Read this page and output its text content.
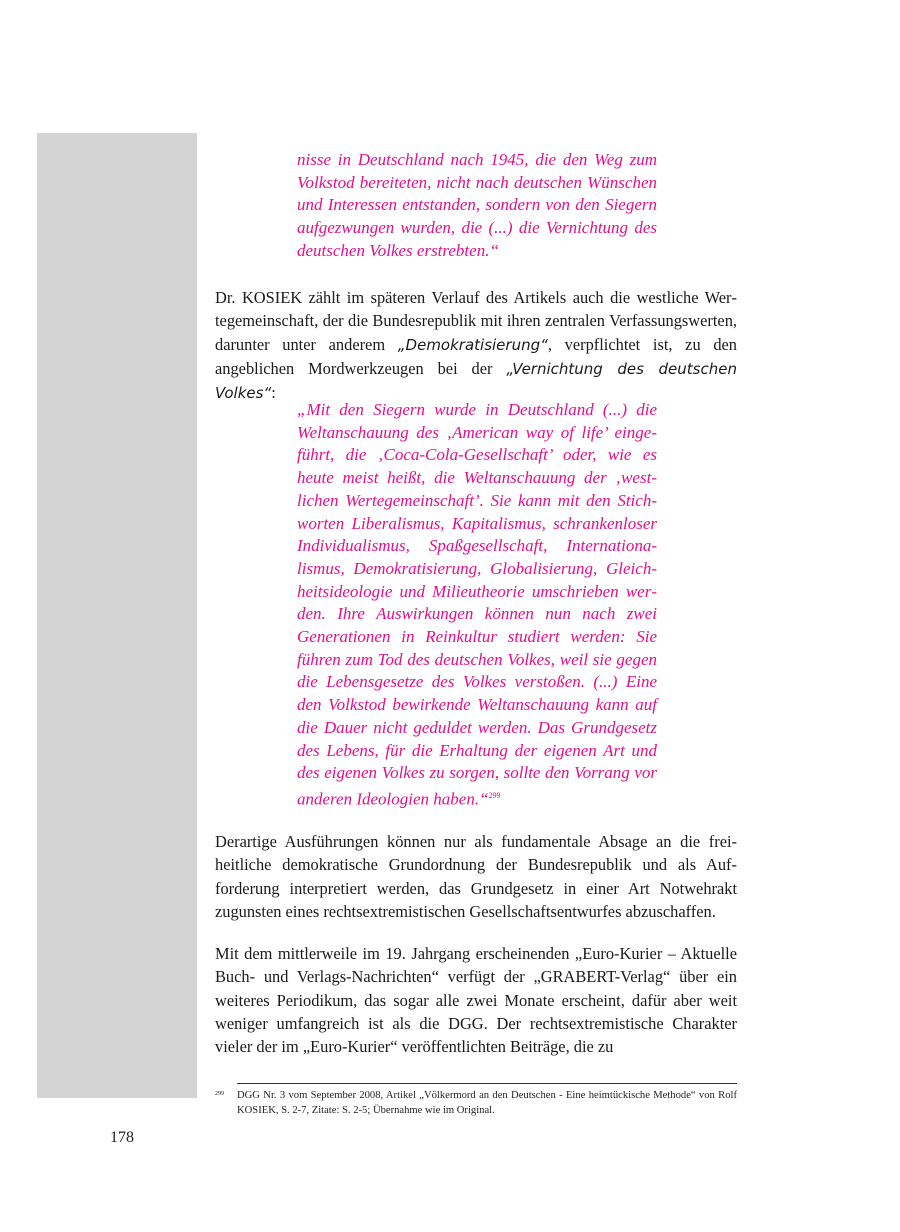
nisse in Deutschland nach 1945, die den Weg zum Volkstod bereiteten, nicht nach deutschen Wünschen und Interessen entstanden, sondern von den Siegern aufgezwungen wurden, die (...) die Vernichtung des deutschen Volkes erstrebten.“

Dr. KOSIEK zählt im späteren Verlauf des Artikels auch die westliche Wertegemeinschaft, der die Bundesrepublik mit ihren zentralen Verfassungswerten, darunter unter anderem „Demokratisierung“, verpflichtet ist, zu den angeblichen Mordwerkzeugen bei der „Vernichtung des deutschen Volkes“:

„Mit den Siegern wurde in Deutschland (...) die Weltanschauung des ‚American way of life’ eingeführt, die ‚Coca-Cola-Gesellschaft’ oder, wie es heute meist heißt, die Weltanschauung der ‚westlichen Wertegemeinschaft’. Sie kann mit den Stichworten Liberalismus, Kapitalismus, schrankenloser Individualismus, Spaßgesellschaft, Internationalismus, Demokratisierung, Globalisierung, Gleichheitsideologie und Milieutheorie umschrieben werden. Ihre Auswirkungen können nun nach zwei Generationen in Reinkultur studiert werden: Sie führen zum Tod des deutschen Volkes, weil sie gegen die Lebensgesetze des Volkes verstoßen. (...) Eine den Volkstod bewirkende Weltanschauung kann auf die Dauer nicht geduldet werden. Das Grundgesetz des Lebens, für die Erhaltung der eigenen Art und des eigenen Volkes zu sorgen, sollte den Vorrang vor anderen Ideologien haben.“$^{299}$

Derartige Ausführungen können nur als fundamentale Absage an die freiheitliche demokratische Grundordnung der Bundesrepublik und als Aufforderung interpretiert werden, das Grundgesetz in einer Art Notwehrakt zugunsten eines rechtsextremistischen Gesellschaftsentwurfes abzuschaffen.

Mit dem mittlerweile im 19. Jahrgang erscheinenden „Euro-Kurier – Aktuelle Buch- und Verlags-Nachrichten“ verfügt der „GRABERT-Verlag“ über ein weiteres Periodikum, das sogar alle zwei Monate erscheint, dafür aber weit weniger umfangreich ist als die DGG. Der rechtsextremistische Charakter vieler der im „Euro-Kurier“ veröffentlichten Beiträge, die zu

299 DGG Nr. 3 vom September 2008, Artikel „Völkermord an den Deutschen - Eine heimtückische Methode“ von Rolf KOSIEK, S. 2-7, Zitate: S. 2-5; Übernahme wie im Original.
178
